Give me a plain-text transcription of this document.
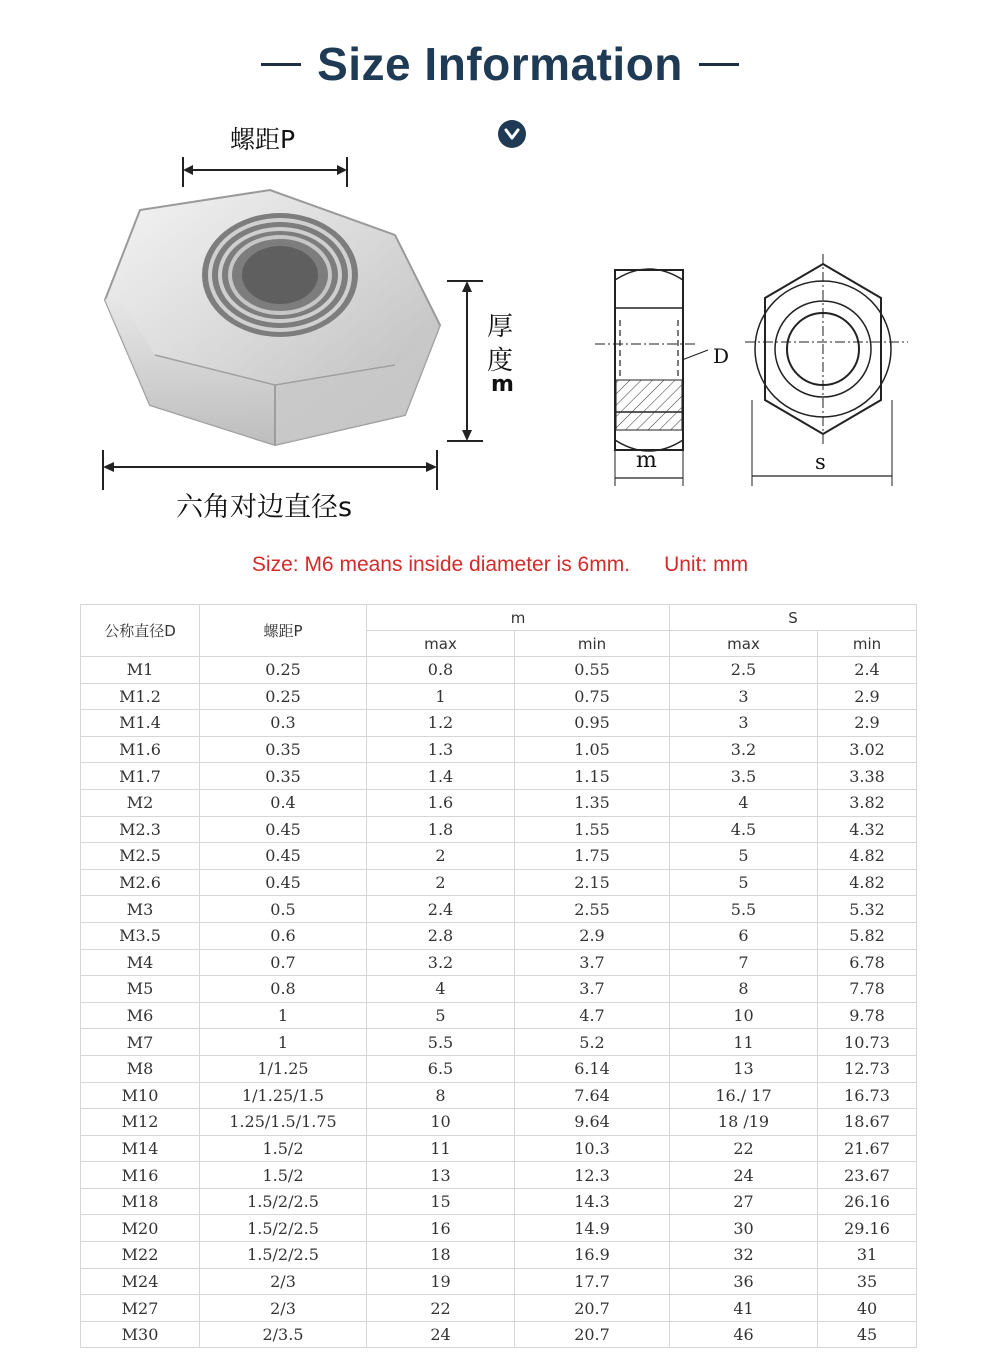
Size Information
螺距P
厚
度
m
六角对边直径s
D
m	s
Size: M6 means inside diameter is 6mm. Unit: mm
公称直径D	螺距P	m		S	
		max	min	max	min
M1	0.25	0.8	0.55	2.5	2.4
M1.2	0.25	1	0.75	3	2.9
M1.4	0.3	1.2	0.95	3	2.9
M1.6	0.35	1.3	1.05	3.2	3.02
M1.7	0.35	1.4	1.15	3.5	3.38
M2	0.4	1.6	1.35	4	3.82
M2.3	0.45	1.8	1.55	4.5	4.32
M2.5	0.45	2	1.75	5	4.82
M2.6	0.45	2	2.15	5	4.82
M3	0.5	2.4	2.55	5.5	5.32
M3.5	0.6	2.8	2.9	6	5.82
M4	0.7	3.2	3.7	7	6.78
M5	0.8	4	3.7	8	7.78
M6	1	5	4.7	10	9.78
M7	1	5.5	5.2	11	10.73
M8	1/1.25	6.5	6.14	13	12.73
M10	1/1.25/1.5	8	7.64	16./ 17	16.73
M12	1.25/1.5/1.75	10	9.64	18 /19	18.67
M14	1.5/2	11	10.3	22	21.67
M16	1.5/2	13	12.3	24	23.67
M18	1.5/2/2.5	15	14.3	27	26.16
M20	1.5/2/2.5	16	14.9	30	29.16
M22	1.5/2/2.5	18	16.9	32	31
M24	2/3	19	17.7	36	35
M27	2/3	22	20.7	41	40
M30	2/3.5	24	20.7	46	45
